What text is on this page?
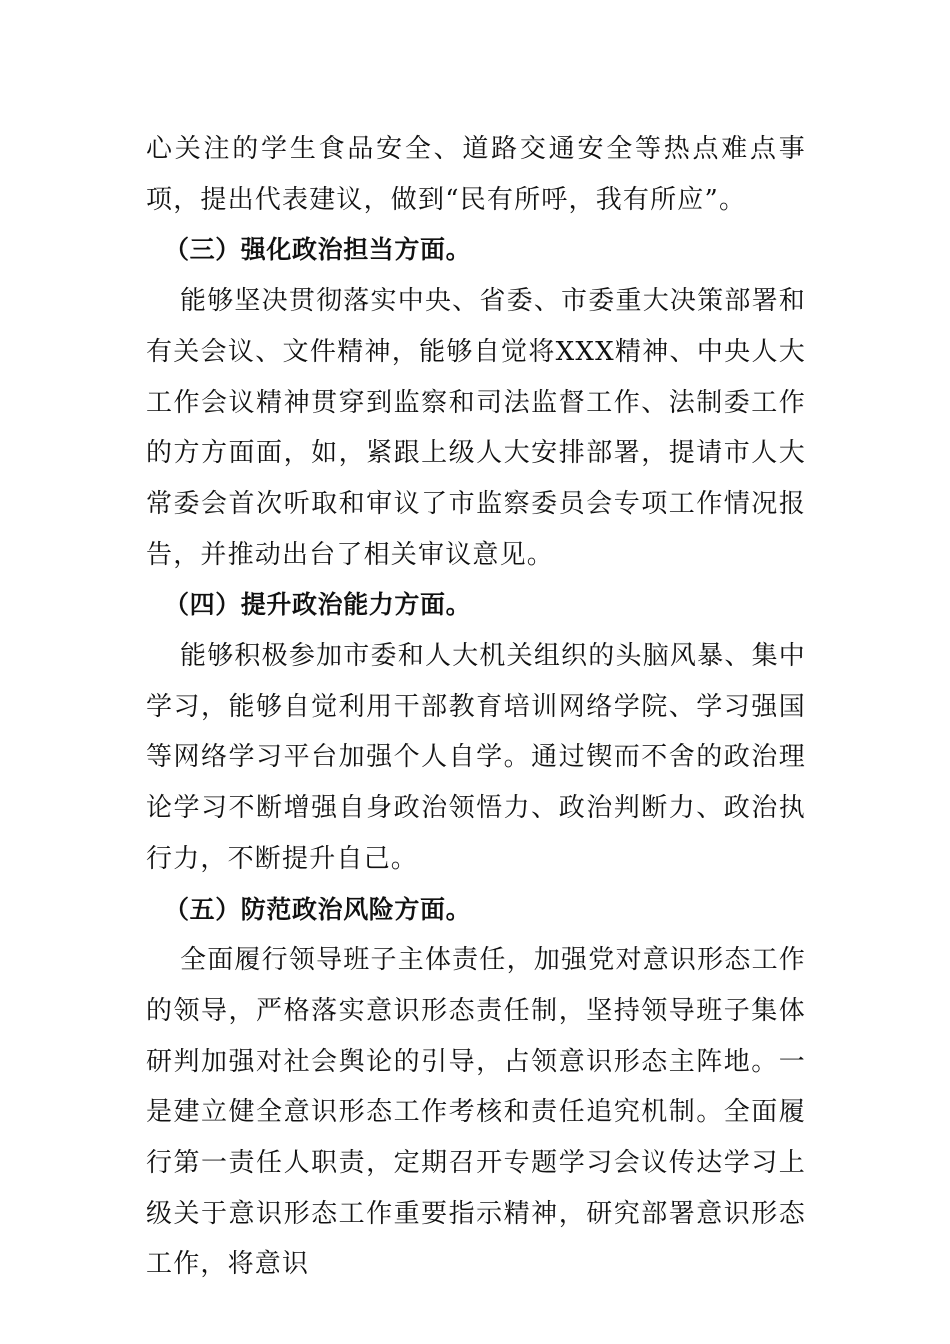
心关注的学生食品安全、道路交通安全等热点难点事项，提出代表建议，做到“民有所呼，我有所应”。

（三）强化政治担当方面。

能够坚决贯彻落实中央、省委、市委重大决策部署和有关会议、文件精神，能够自觉将XXX精神、中央人大工作会议精神贯穿到监察和司法监督工作、法制委工作的方方面面，如，紧跟上级人大安排部署，提请市人大常委会首次听取和审议了市监察委员会专项工作情况报告，并推动出台了相关审议意见。

（四）提升政治能力方面。

能够积极参加市委和人大机关组织的头脑风暴、集中学习，能够自觉利用干部教育培训网络学院、学习强国等网络学习平台加强个人自学。通过锲而不舍的政治理论学习不断增强自身政治领悟力、政治判断力、政治执行力，不断提升自己。

（五）防范政治风险方面。

全面履行领导班子主体责任，加强党对意识形态工作的领导，严格落实意识形态责任制，坚持领导班子集体研判加强对社会舆论的引导，占领意识形态主阵地。一是建立健全意识形态工作考核和责任追究机制。全面履行第一责任人职责，定期召开专题学习会议传达学习上级关于意识形态工作重要指示精神，研究部署意识形态工作，将意识
